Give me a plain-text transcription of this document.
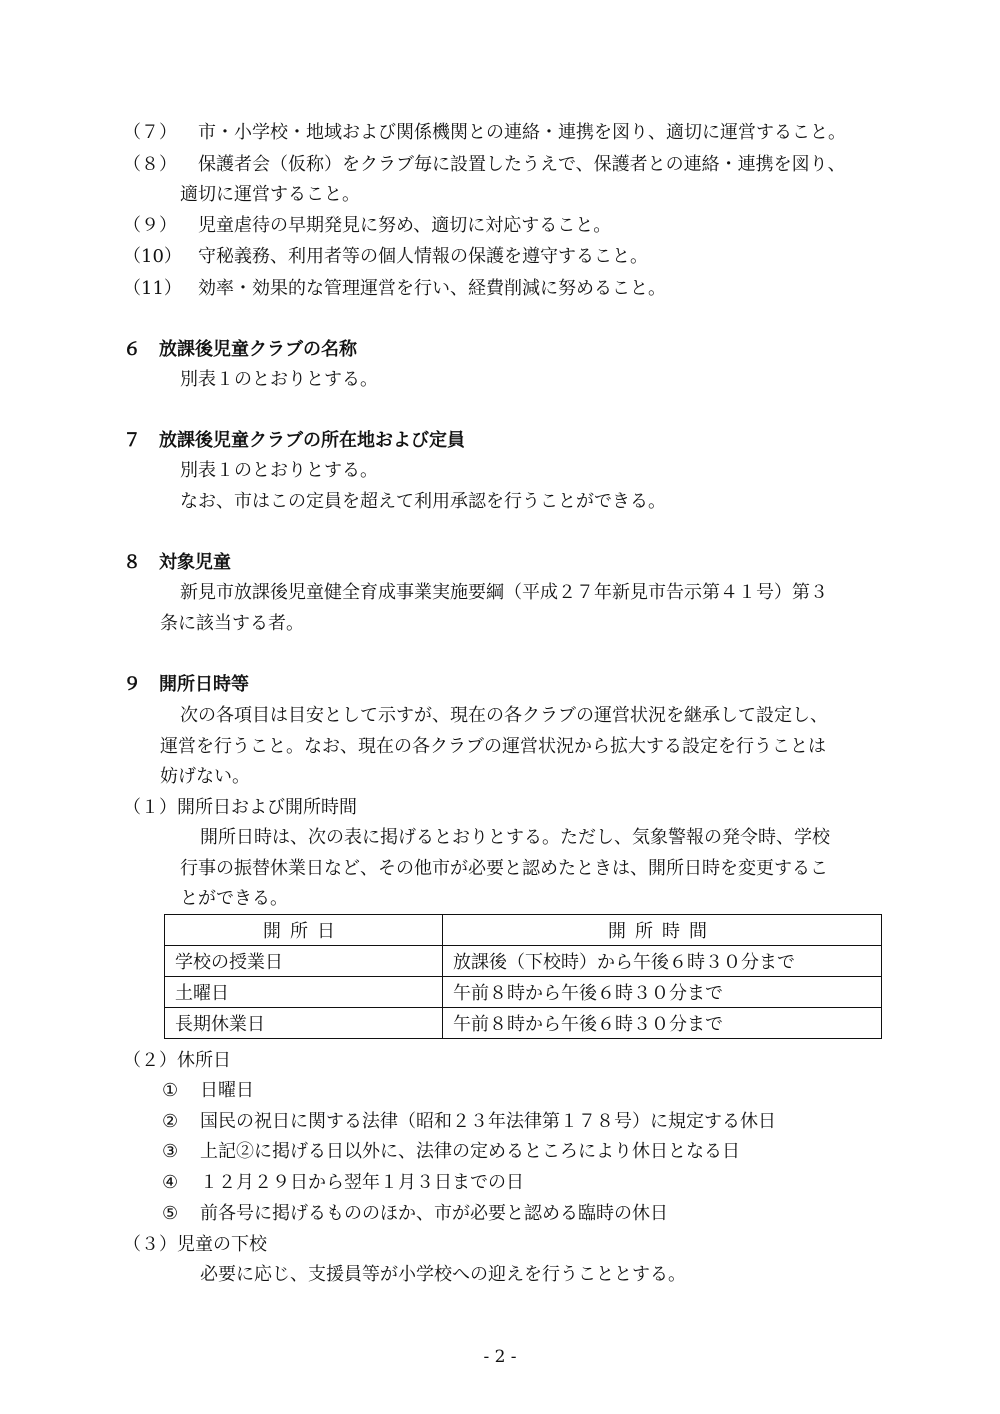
（７） 市・小学校・地域および関係機関との連絡・連携を図り、適切に運営すること。
（８） 保護者会（仮称）をクラブ毎に設置したうえで、保護者との連絡・連携を図り、
適切に運営すること。
（９） 児童虐待の早期発見に努め、適切に対応すること。
（10） 守秘義務、利用者等の個人情報の保護を遵守すること。
（11） 効率・効果的な管理運営を行い、経費削減に努めること。
６ 放課後児童クラブの名称
別表１のとおりとする。
７ 放課後児童クラブの所在地および定員
別表１のとおりとする。
なお、市はこの定員を超えて利用承認を行うことができる。
８ 対象児童
新見市放課後児童健全育成事業実施要綱（平成２７年新見市告示第４１号）第３
条に該当する者。
９ 開所日時等
次の各項目は目安として示すが、現在の各クラブの運営状況を継承して設定し、
運営を行うこと。なお、現在の各クラブの運営状況から拡大する設定を行うことは
妨げない。
（１）開所日および開所時間
開所日時は、次の表に掲げるとおりとする。ただし、気象警報の発令時、学校
行事の振替休業日など、その他市が必要と認めたときは、開所日時を変更するこ
とができる。
開所日	開所時間
学校の授業日	放課後（下校時）から午後６時３０分まで
土曜日	午前８時から午後６時３０分まで
長期休業日	午前８時から午後６時３０分まで
（２）休所日
① 日曜日
② 国民の祝日に関する法律（昭和２３年法律第１７８号）に規定する休日
③ 上記②に掲げる日以外に、法律の定めるところにより休日となる日
④ １２月２９日から翌年１月３日までの日
⑤ 前各号に掲げるもののほか、市が必要と認める臨時の休日
（３）児童の下校
必要に応じ、支援員等が小学校への迎えを行うこととする。
- 2 -
